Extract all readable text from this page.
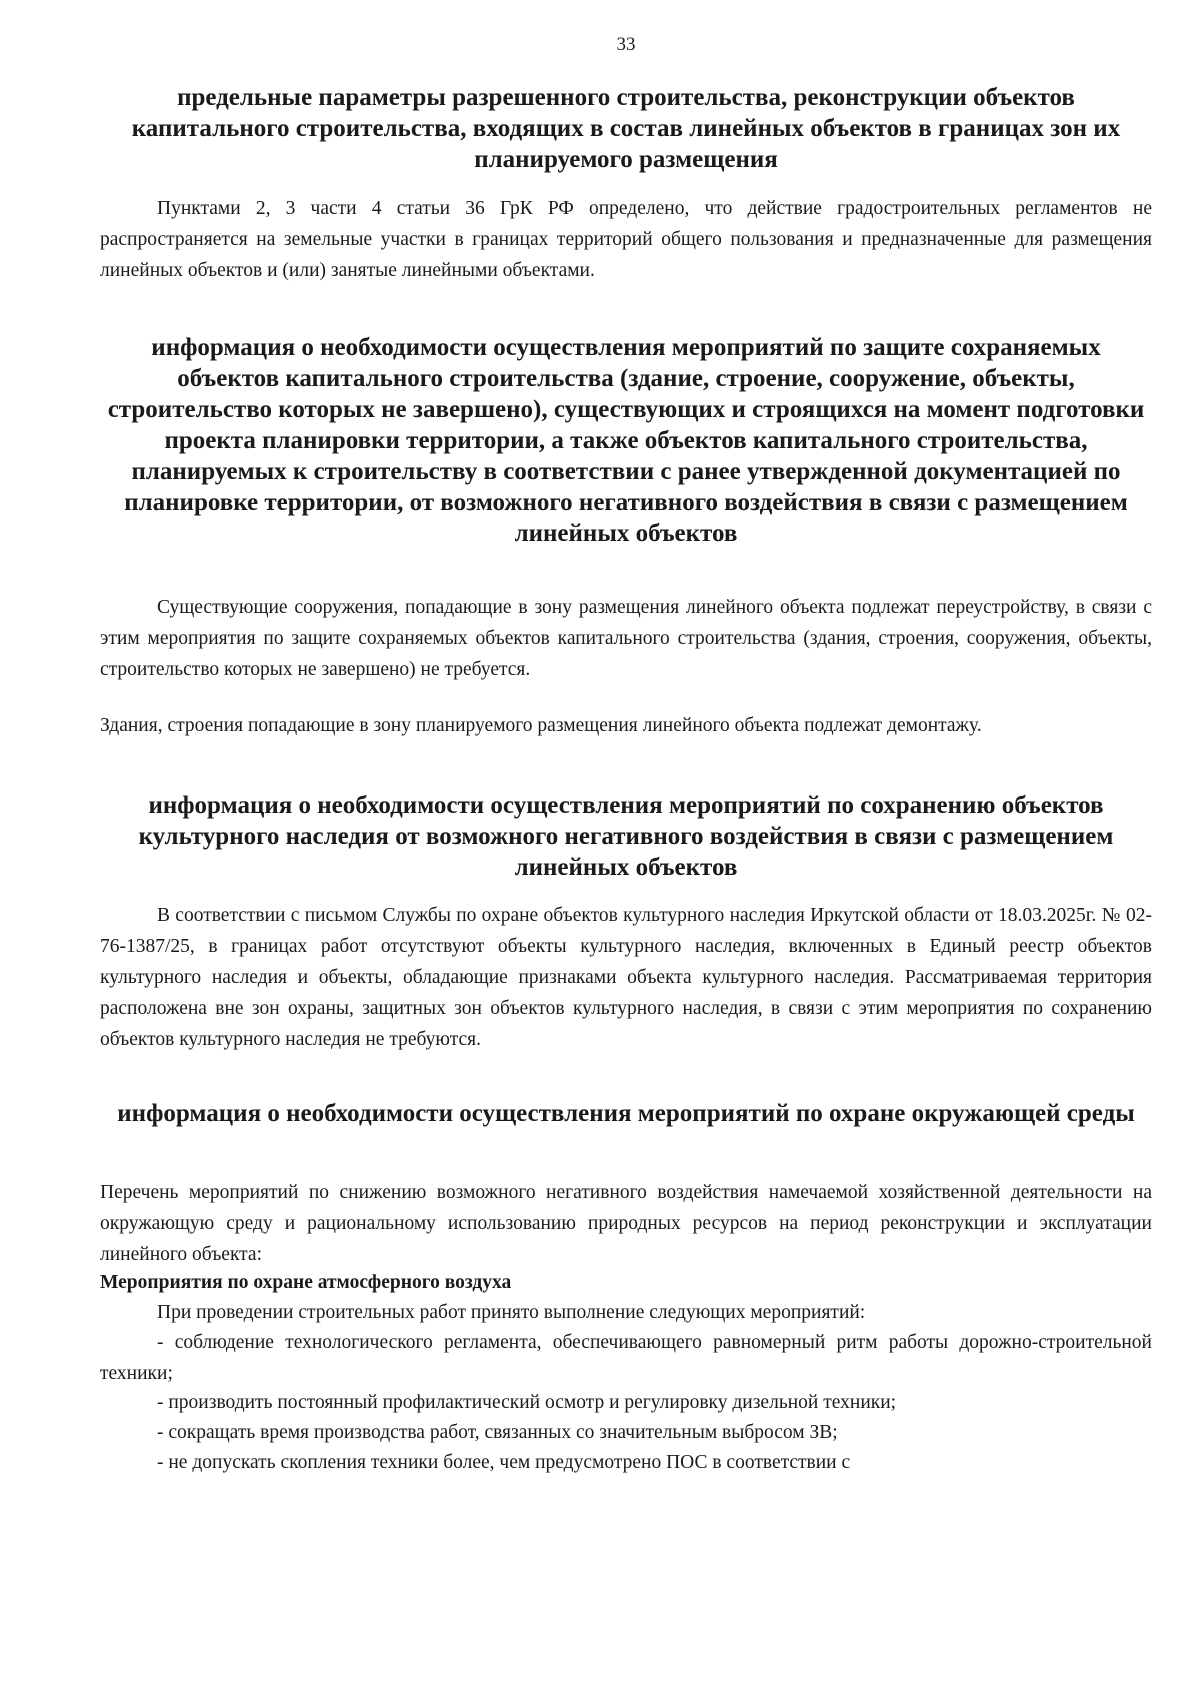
33

предельные параметры разрешенного строительства, реконструкции объектов капитального строительства, входящих в состав линейных объектов в границах зон их планируемого размещения

Пунктами 2, 3 части 4 статьи 36 ГрК РФ определено, что действие градостроительных регламентов не распространяется на земельные участки в границах территорий общего пользования и предназначенные для размещения линейных объектов и (или) занятые линейными объектами.

информация о необходимости осуществления мероприятий по защите сохраняемых объектов капитального строительства (здание, строение, сооружение, объекты, строительство которых не завершено), существующих и строящихся на момент подготовки проекта планировки территории, а также объектов капитального строительства, планируемых к строительству в соответствии с ранее утвержденной документацией по планировке территории, от возможного негативного воздействия в связи с размещением линейных объектов

Существующие сооружения, попадающие в зону размещения линейного объекта подлежат переустройству, в связи с этим мероприятия по защите сохраняемых объектов капитального строительства (здания, строения, сооружения, объекты, строительство которых не завершено) не требуется.

Здания, строения попадающие в зону планируемого размещения линейного объекта подлежат демонтажу.

информация о необходимости осуществления мероприятий по сохранению объектов культурного наследия от возможного негативного воздействия в связи с размещением линейных объектов

В соответствии с письмом Службы по охране объектов культурного наследия Иркутской области от 18.03.2025г. № 02-76-1387/25, в границах работ отсутствуют объекты культурного наследия, включенных в Единый реестр объектов культурного наследия и объекты, обладающие признаками объекта культурного наследия. Рассматриваемая территория расположена вне зон охраны, защитных зон объектов культурного наследия, в связи с этим мероприятия по сохранению объектов культурного наследия не требуются.

информация о необходимости осуществления мероприятий по охране окружающей среды

Перечень мероприятий по снижению возможного негативного воздействия намечаемой хозяйственной деятельности на окружающую среду и рациональному использованию природных ресурсов на период реконструкции и эксплуатации линейного объекта:

Мероприятия по охране атмосферного воздуха

При проведении строительных работ принято выполнение следующих мероприятий:

- соблюдение технологического регламента, обеспечивающего равномерный ритм работы дорожно-строительной техники;

- производить постоянный профилактический осмотр и регулировку дизельной техники;

- сокращать время производства работ, связанных со значительным выбросом ЗВ;

- не допускать скопления техники более, чем предусмотрено ПОС в соответствии с
